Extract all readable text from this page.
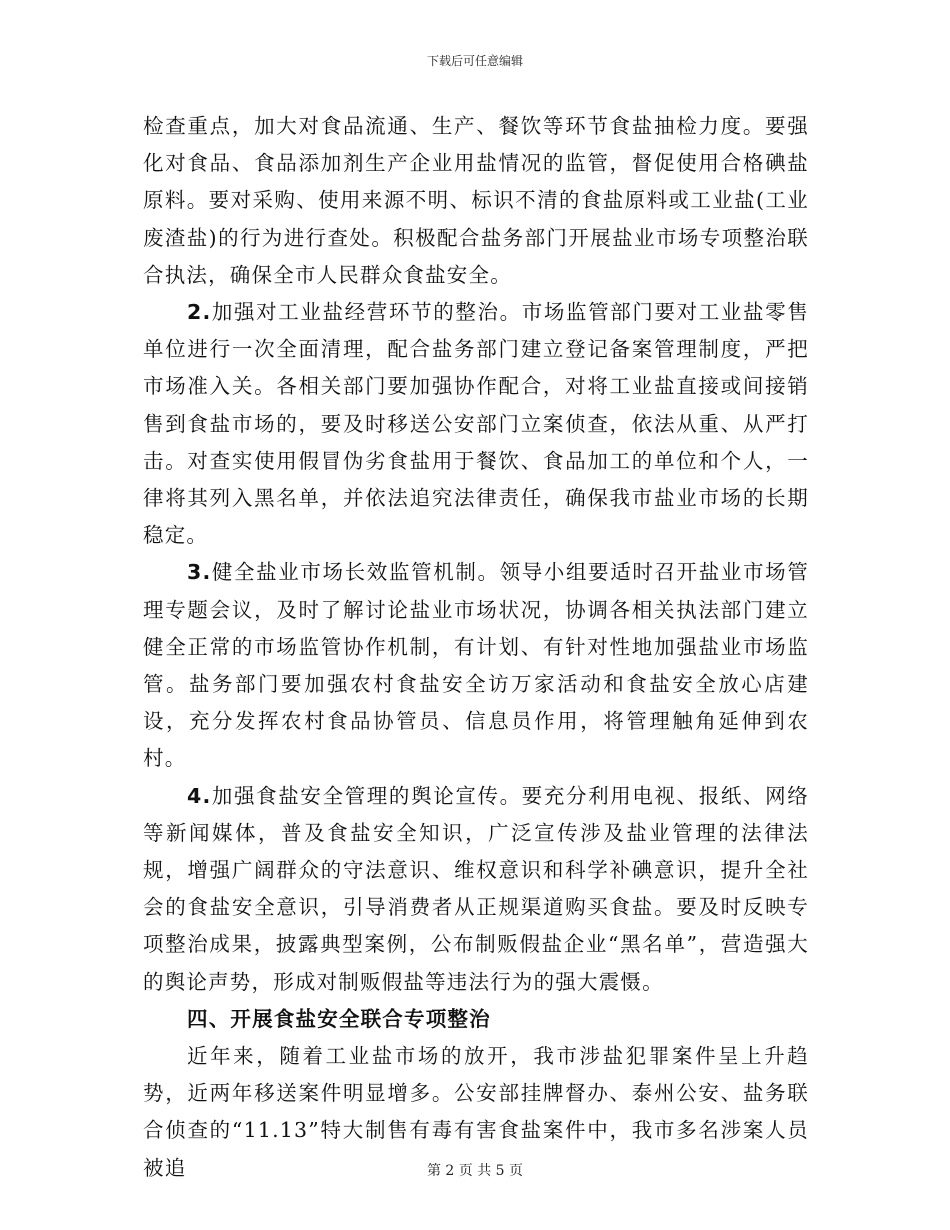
下载后可任意编辑

检查重点，加大对食品流通、生产、餐饮等环节食盐抽检力度。要强化对食品、食品添加剂生产企业用盐情况的监管，督促使用合格碘盐原料。要对采购、使用来源不明、标识不清的食盐原料或工业盐(工业废渣盐)的行为进行查处。积极配合盐务部门开展盐业市场专项整治联合执法，确保全市人民群众食盐安全。

2.加强对工业盐经营环节的整治。市场监管部门要对工业盐零售单位进行一次全面清理，配合盐务部门建立登记备案管理制度，严把市场准入关。各相关部门要加强协作配合，对将工业盐直接或间接销售到食盐市场的，要及时移送公安部门立案侦查，依法从重、从严打击。对查实使用假冒伪劣食盐用于餐饮、食品加工的单位和个人，一律将其列入黑名单，并依法追究法律责任，确保我市盐业市场的长期稳定。

3.健全盐业市场长效监管机制。领导小组要适时召开盐业市场管理专题会议，及时了解讨论盐业市场状况，协调各相关执法部门建立健全正常的市场监管协作机制，有计划、有针对性地加强盐业市场监管。盐务部门要加强农村食盐安全访万家活动和食盐安全放心店建设，充分发挥农村食品协管员、信息员作用，将管理触角延伸到农村。

4.加强食盐安全管理的舆论宣传。要充分利用电视、报纸、网络等新闻媒体，普及食盐安全知识，广泛宣传涉及盐业管理的法律法规，增强广阔群众的守法意识、维权意识和科学补碘意识，提升全社会的食盐安全意识，引导消费者从正规渠道购买食盐。要及时反映专项整治成果，披露典型案例，公布制贩假盐企业“黑名单”，营造强大的舆论声势，形成对制贩假盐等违法行为的强大震慑。

四、开展食盐安全联合专项整治

近年来，随着工业盐市场的放开，我市涉盐犯罪案件呈上升趋势，近两年移送案件明显增多。公安部挂牌督办、泰州公安、盐务联合侦查的“11.13”特大制售有毒有害食盐案件中，我市多名涉案人员被追	第 2 页 共 5 页
